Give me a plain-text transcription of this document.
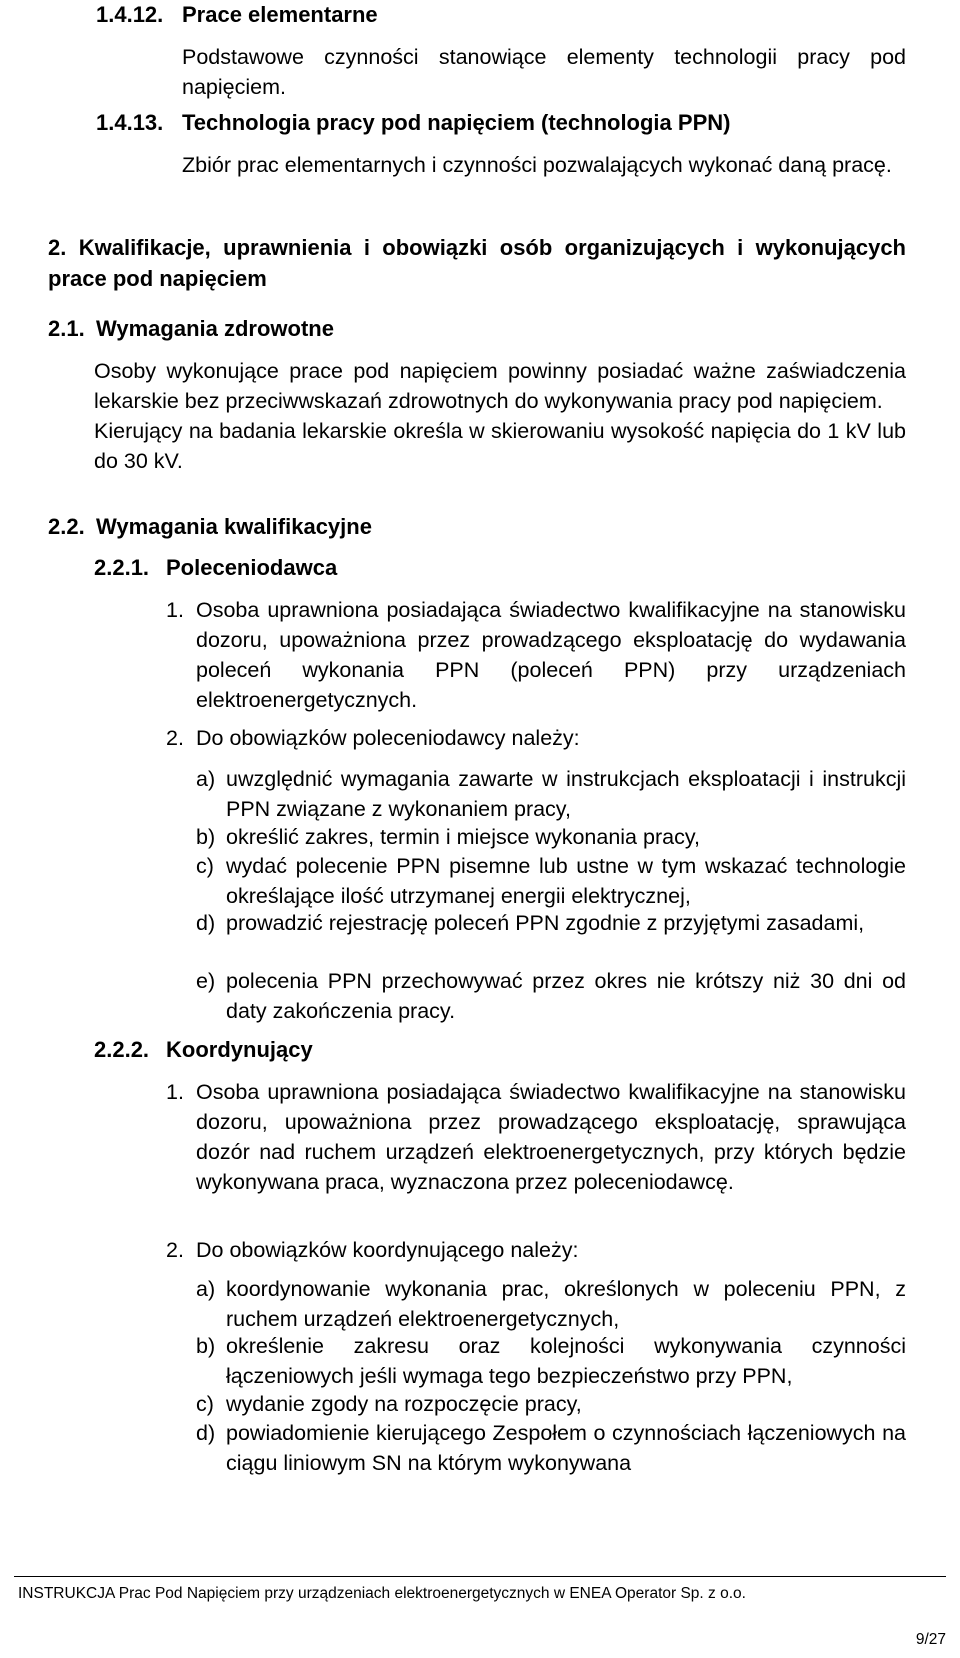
1.4.12. Prace elementarne

Podstawowe czynności stanowiące elementy technologii pracy pod napięciem.

1.4.13. Technologia pracy pod napięciem (technologia PPN)

Zbiór prac elementarnych i czynności pozwalających wykonać daną pracę.

2. Kwalifikacje, uprawnienia i obowiązki osób organizujących i wykonujących prace pod napięciem

2.1. Wymagania zdrowotne

Osoby wykonujące prace pod napięciem powinny posiadać ważne zaświadczenia lekarskie bez przeciwwskazań zdrowotnych do wykonywania pracy pod napięciem.

Kierujący na badania lekarskie określa w skierowaniu wysokość napięcia do 1 kV lub do 30 kV.

2.2. Wymagania kwalifikacyjne

2.2.1. Poleceniodawca

1. Osoba uprawniona posiadająca świadectwo kwalifikacyjne na stanowisku dozoru, upoważniona przez prowadzącego eksploatację do wydawania poleceń wykonania PPN (poleceń PPN) przy urządzeniach elektroenergetycznych.

2. Do obowiązków poleceniodawcy należy:

a) uwzględnić wymagania zawarte w instrukcjach eksploatacji i instrukcji PPN związane z wykonaniem pracy,

b) określić zakres, termin i miejsce wykonania pracy,

c) wydać polecenie PPN pisemne lub ustne w tym wskazać technologie określające ilość utrzymanej energii elektrycznej,

d) prowadzić rejestrację poleceń PPN zgodnie z przyjętymi zasadami,

e) polecenia PPN przechowywać przez okres nie krótszy niż 30 dni od daty zakończenia pracy.

2.2.2. Koordynujący

1. Osoba uprawniona posiadająca świadectwo kwalifikacyjne na stanowisku dozoru, upoważniona przez prowadzącego eksploatację, sprawująca dozór nad ruchem urządzeń elektroenergetycznych, przy których będzie wykonywana praca, wyznaczona przez poleceniodawcę.

2. Do obowiązków koordynującego należy:

a) koordynowanie wykonania prac, określonych w poleceniu PPN, z ruchem urządzeń elektroenergetycznych,

b) określenie zakresu oraz kolejności wykonywania czynności łączeniowych jeśli wymaga tego bezpieczeństwo przy PPN,

c) wydanie zgody na rozpoczęcie pracy,

d) powiadomienie kierującego Zespołem o czynnościach łączeniowych na ciągu liniowym SN na którym wykonywana

INSTRUKCJA Prac Pod Napięciem przy urządzeniach elektroenergetycznych w ENEA Operator Sp. z o.o.
9/27
